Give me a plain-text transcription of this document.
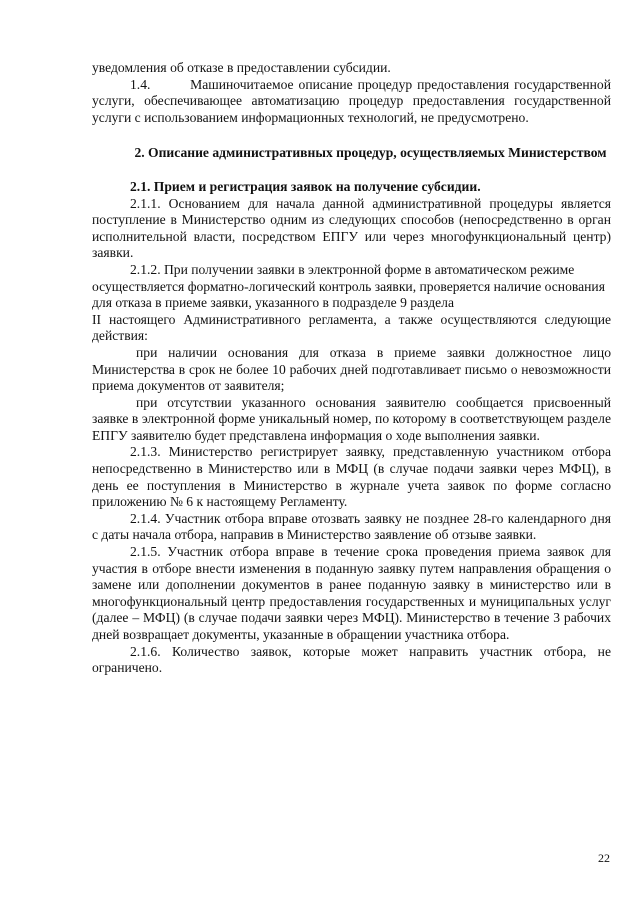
уведомления об отказе в предоставлении субсидии.

1.4.        Машиночитаемое описание процедур предоставления государственной услуги, обеспечивающее автоматизацию процедур предоставления государственной услуги с использованием информационных технологий, не предусмотрено.

2. Описание административных процедур, осуществляемых Министерством

2.1. Прием и регистрация заявок на получение субсидии.

2.1.1. Основанием для начала данной административной процедуры является поступление в Министерство одним из следующих способов (непосредственно в орган исполнительной власти, посредством ЕПГУ или через многофункциональный центр) заявки.

2.1.2. При получении заявки в электронной форме в автоматическом режиме осуществляется форматно-логический контроль заявки, проверяется наличие основания для отказа в приеме заявки, указанного в подразделе 9 раздела

II настоящего Административного регламента, а также осуществляются следующие действия:

при наличии основания для отказа в приеме заявки должностное лицо Министерства в срок не более 10 рабочих дней подготавливает письмо о невозможности приема документов от заявителя;

при отсутствии указанного основания заявителю сообщается присвоенный заявке в электронной форме уникальный номер, по которому в соответствующем разделе ЕПГУ заявителю будет представлена информация о ходе выполнения заявки.

2.1.3. Министерство регистрирует заявку, представленную участником отбора непосредственно в Министерство или в МФЦ (в случае подачи заявки через МФЦ), в день ее поступления в Министерство в журнале учета заявок по форме согласно приложению № 6 к настоящему Регламенту.

2.1.4. Участник отбора вправе отозвать заявку не позднее 28-го календарного дня с даты начала отбора, направив в Министерство заявление об отзыве заявки.

2.1.5. Участник отбора вправе в течение срока проведения приема заявок для участия в отборе внести изменения в поданную заявку путем направления обращения о замене или дополнении документов в ранее поданную заявку в министерство или в многофункциональный центр предоставления государственных и муниципальных услуг (далее – МФЦ) (в случае подачи заявки через МФЦ). Министерство в течение 3 рабочих дней возвращает документы, указанные в обращении участника отбора.

2.1.6. Количество заявок, которые может направить участник отбора, не ограничено.

22
